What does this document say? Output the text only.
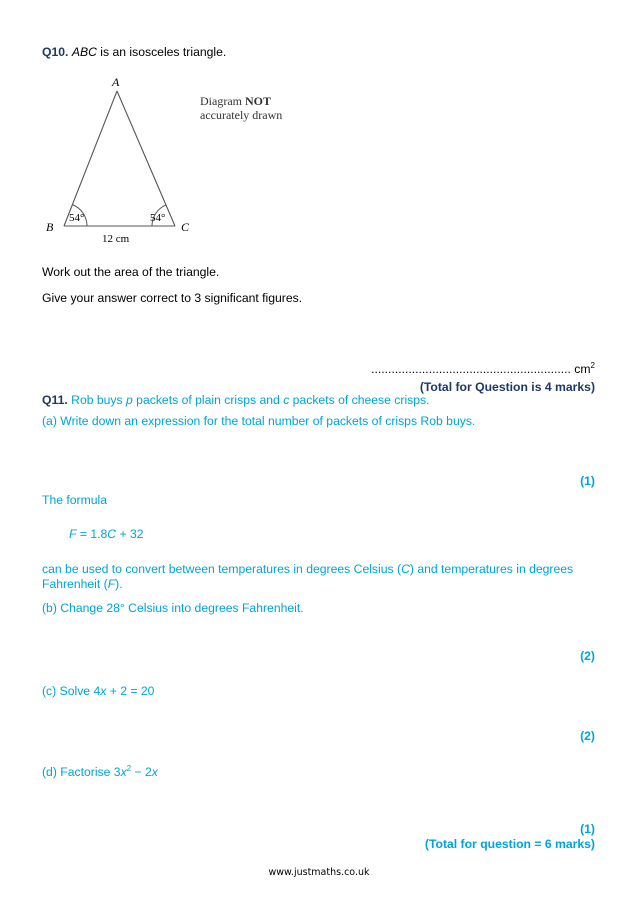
Q10. ABC is an isosceles triangle.
A
B	C
54°	54°
12 cm
Diagram NOT
accurately drawn
Work out the area of the triangle.
Give your answer correct to 3 significant figures.
........................................................... $cm^2$
(Total for Question is 4 marks)
Q11. Rob buys p packets of plain crisps and c packets of cheese crisps.
(a) Write down an expression for the total number of packets of crisps Rob buys.
(1)
The formula
F = 1.8C + 32
can be used to convert between temperatures in degrees Celsius (C) and temperatures in degrees
Fahrenheit (F).
(b) Change 28° Celsius into degrees Fahrenheit.
(2)
(c) Solve 4x + 2 = 20
(2)
(d) Factorise $3x^2 - 2x$
(1)
(Total for question = 6 marks)
www.justmaths.co.uk
